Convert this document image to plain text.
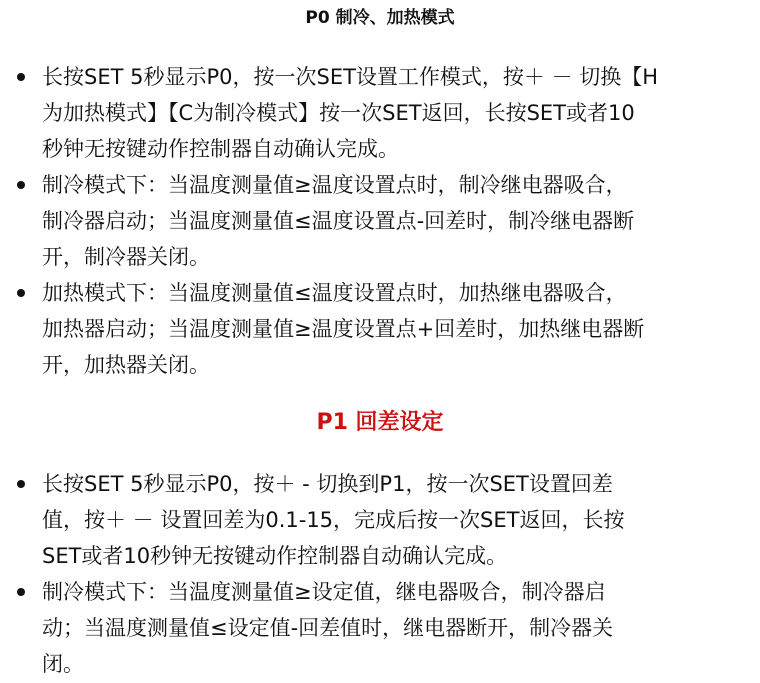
P0 制冷、加热模式
长按SET 5秒显示P0，按一次SET设置工作模式，按＋ － 切换【H
为加热模式】【C为制冷模式】按一次SET返回，长按SET或者10
秒钟无按键动作控制器自动确认完成。
制冷模式下：当温度测量值≥温度设置点时，制冷继电器吸合，
制冷器启动；当温度测量值≤温度设置点-回差时，制冷继电器断
开，制冷器关闭。
加热模式下：当温度测量值≤温度设置点时，加热继电器吸合，
加热器启动；当温度测量值≥温度设置点+回差时，加热继电器断
开，加热器关闭。
P1 回差设定
长按SET 5秒显示P0，按＋ - 切换到P1，按一次SET设置回差
值，按＋ － 设置回差为0.1-15，完成后按一次SET返回，长按
SET或者10秒钟无按键动作控制器自动确认完成。
制冷模式下：当温度测量值≥设定值，继电器吸合，制冷器启
动；当温度测量值≤设定值-回差值时，继电器断开，制冷器关
闭。
